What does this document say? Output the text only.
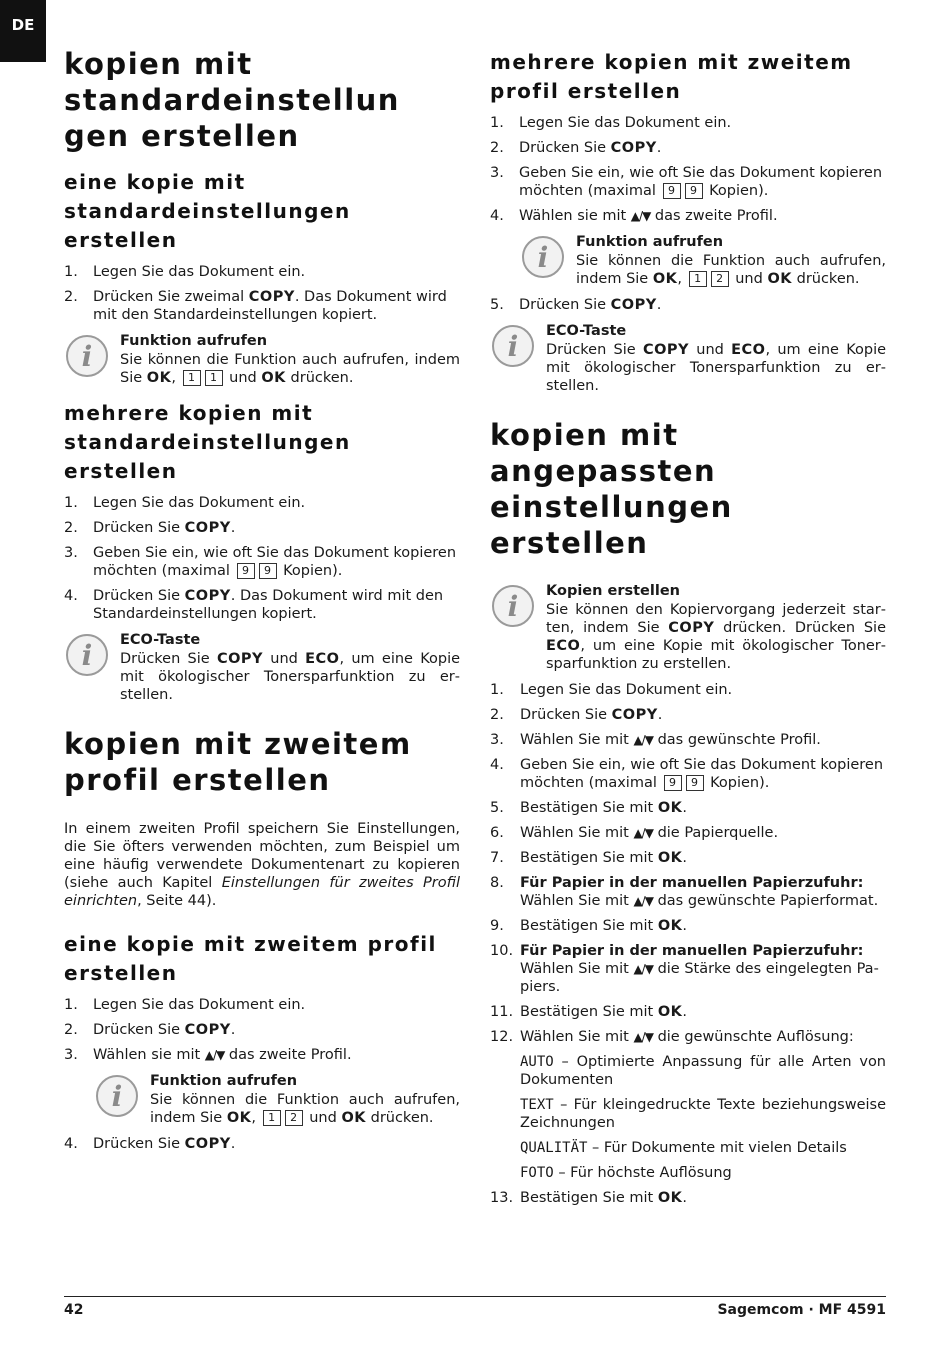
DE
kopien mit standardeinstellun gen erstellen
eine kopie mit standardeinstellungen erstellen
1. Legen Sie das Dokument ein.
2. Drücken Sie zweimal COPY. Das Dokument wird mit den Standardeinstellungen kopiert.
i	Funktion aufrufen
Sie können die Funktion auch aufrufen, indem Sie OK, 1 1 und OK drücken.
mehrere kopien mit standardeinstellungen erstellen
1. Legen Sie das Dokument ein.
2. Drücken Sie COPY.
3. Geben Sie ein, wie oft Sie das Dokument kopieren möchten (maximal 9 9 Kopien).
4. Drücken Sie COPY. Das Dokument wird mit den Standardeinstellungen kopiert.
i	ECO-Taste
Drücken Sie COPY und ECO, um eine Kopie mit ökologischer Tonersparfunktion zu erstellen.
kopien mit zweitem profil erstellen

In einem zweiten Profil speichern Sie Einstellungen, die Sie öfters verwenden möchten, zum Beispiel um eine häufig verwendete Dokumentenart zu kopieren (siehe auch Kapitel Einstellungen für zweites Profil einrichten, Seite 44).

eine kopie mit zweitem profil erstellen
1. Legen Sie das Dokument ein.
2. Drücken Sie COPY.
3. Wählen sie mit ▲/▼ das zweite Profil.
i	Funktion aufrufen
Sie können die Funktion auch aufrufen, indem Sie OK, 1 2 und OK drücken.
4. Drücken Sie COPY.
mehrere kopien mit zweitem profil erstellen
1. Legen Sie das Dokument ein.
2. Drücken Sie COPY.
3. Geben Sie ein, wie oft Sie das Dokument kopieren möchten (maximal 9 9 Kopien).
4. Wählen sie mit ▲/▼ das zweite Profil.
i	Funktion aufrufen
Sie können die Funktion auch aufrufen, indem Sie OK, 1 2 und OK drücken.
5. Drücken Sie COPY.
i	ECO-Taste
Drücken Sie COPY und ECO, um eine Kopie mit ökologischer Tonersparfunktion zu erstellen.
kopien mit angepassten einstellungen erstellen
i	Kopien erstellen
Sie können den Kopiervorgang jederzeit starten, indem Sie COPY drücken. Drücken Sie ECO, um eine Kopie mit ökologischer Tonersparfunktion zu erstellen.
1. Legen Sie das Dokument ein.
2. Drücken Sie COPY.
3. Wählen Sie mit ▲/▼ das gewünschte Profil.
4. Geben Sie ein, wie oft Sie das Dokument kopieren möchten (maximal 9 9 Kopien).
5. Bestätigen Sie mit OK.
6. Wählen Sie mit ▲/▼ die Papierquelle.
7. Bestätigen Sie mit OK.
8. Für Papier in der manuellen Papierzufuhr: Wählen Sie mit ▲/▼ das gewünschte Papierformat.
9. Bestätigen Sie mit OK.
10. Für Papier in der manuellen Papierzufuhr: Wählen Sie mit ▲/▼ die Stärke des eingelegten Papiers.
11. Bestätigen Sie mit OK.
12. Wählen Sie mit ▲/▼ die gewünschte Auflösung:
AUTO – Optimierte Anpassung für alle Arten von Dokumenten
TEXT – Für kleingedruckte Texte beziehungsweise Zeichnungen
QUALITÄT – Für Dokumente mit vielen Details
FOTO – Für höchste Auflösung
13. Bestätigen Sie mit OK.
42	Sagemcom · MF 4591
